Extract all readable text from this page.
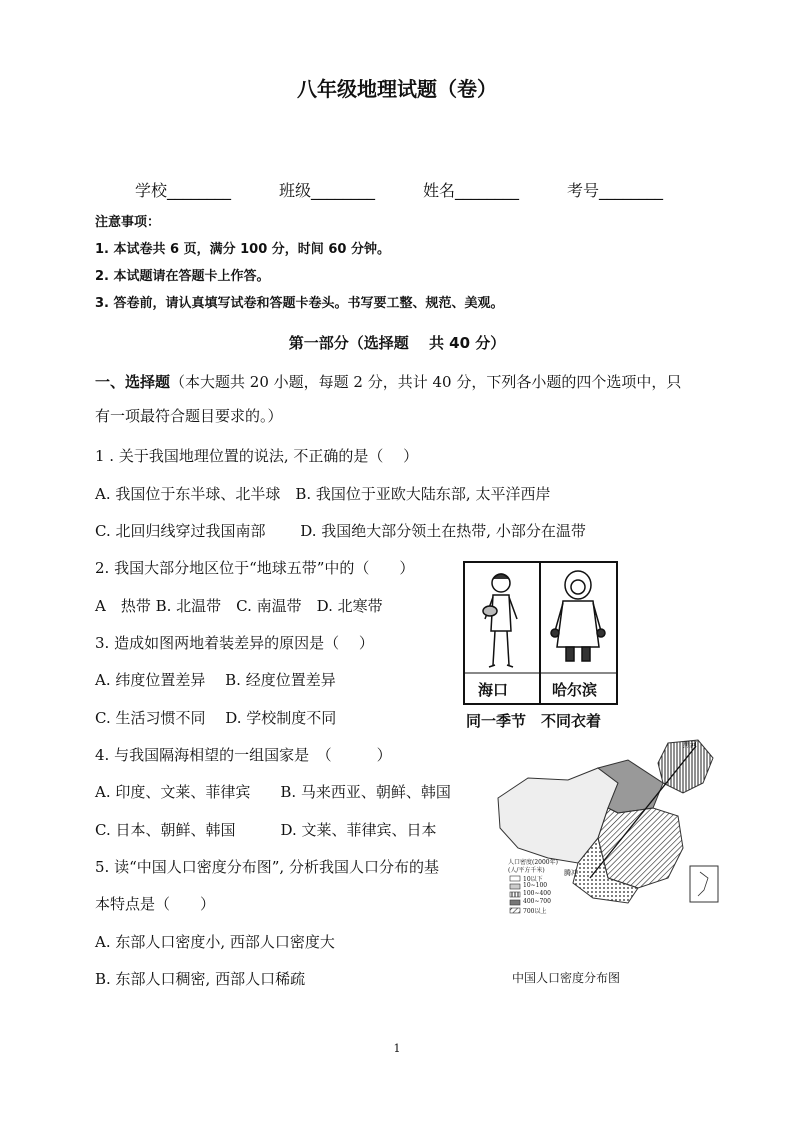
八年级地理试题（卷）
学校________	班级________	姓名________	考号________
注意事项：
1. 本试卷共 6 页，满分 100 分，时间 60 分钟。
2. 本试题请在答题卡上作答。
3. 答卷前，请认真填写试卷和答题卡卷头。书写要工整、规范、美观。
第一部分（选择题　 共 40 分）
一、选择题（本大题共 20 小题，每题 2 分，共计 40 分，下列各小题的四个选项中，只
有一项最符合题目要求的。）
1 . 关于我国地理位置的说法, 不正确的是（　 ）
A. 我国位于东半球、北半球　B. 我国位于亚欧大陆东部, 太平洋西岸
C. 北回归线穿过我国南部　　 D. 我国绝大部分领土在热带, 小部分在温带
2. 我国大部分地区位于“地球五带”中的（　　）
A　热带 B. 北温带　C. 南温带　D. 北寒带
3. 造成如图两地着装差异的原因是（　 ）
A. 纬度位置差异　 B. 经度位置差异
C. 生活习惯不同　 D. 学校制度不同
4. 与我国隔海相望的一组国家是　（　　　）
A. 印度、文莱、菲律宾　　B. 马来西亚、朝鲜、韩国
C. 日本、朝鲜、韩国　　　D. 文莱、菲律宾、日本
5. 读“中国人口密度分布图”, 分析我国人口分布的基
本特点是（　　）
A. 东部人口密度小, 西部人口密度大
B. 东部人口稠密, 西部人口稀疏
海口	哈尔滨
同一季节　不同衣着
黑河
腾冲
人口密度(2000年)
(人/平方千米)
10以下
10~100
100~400
400~700
700以上
中国人口密度分布图
1
